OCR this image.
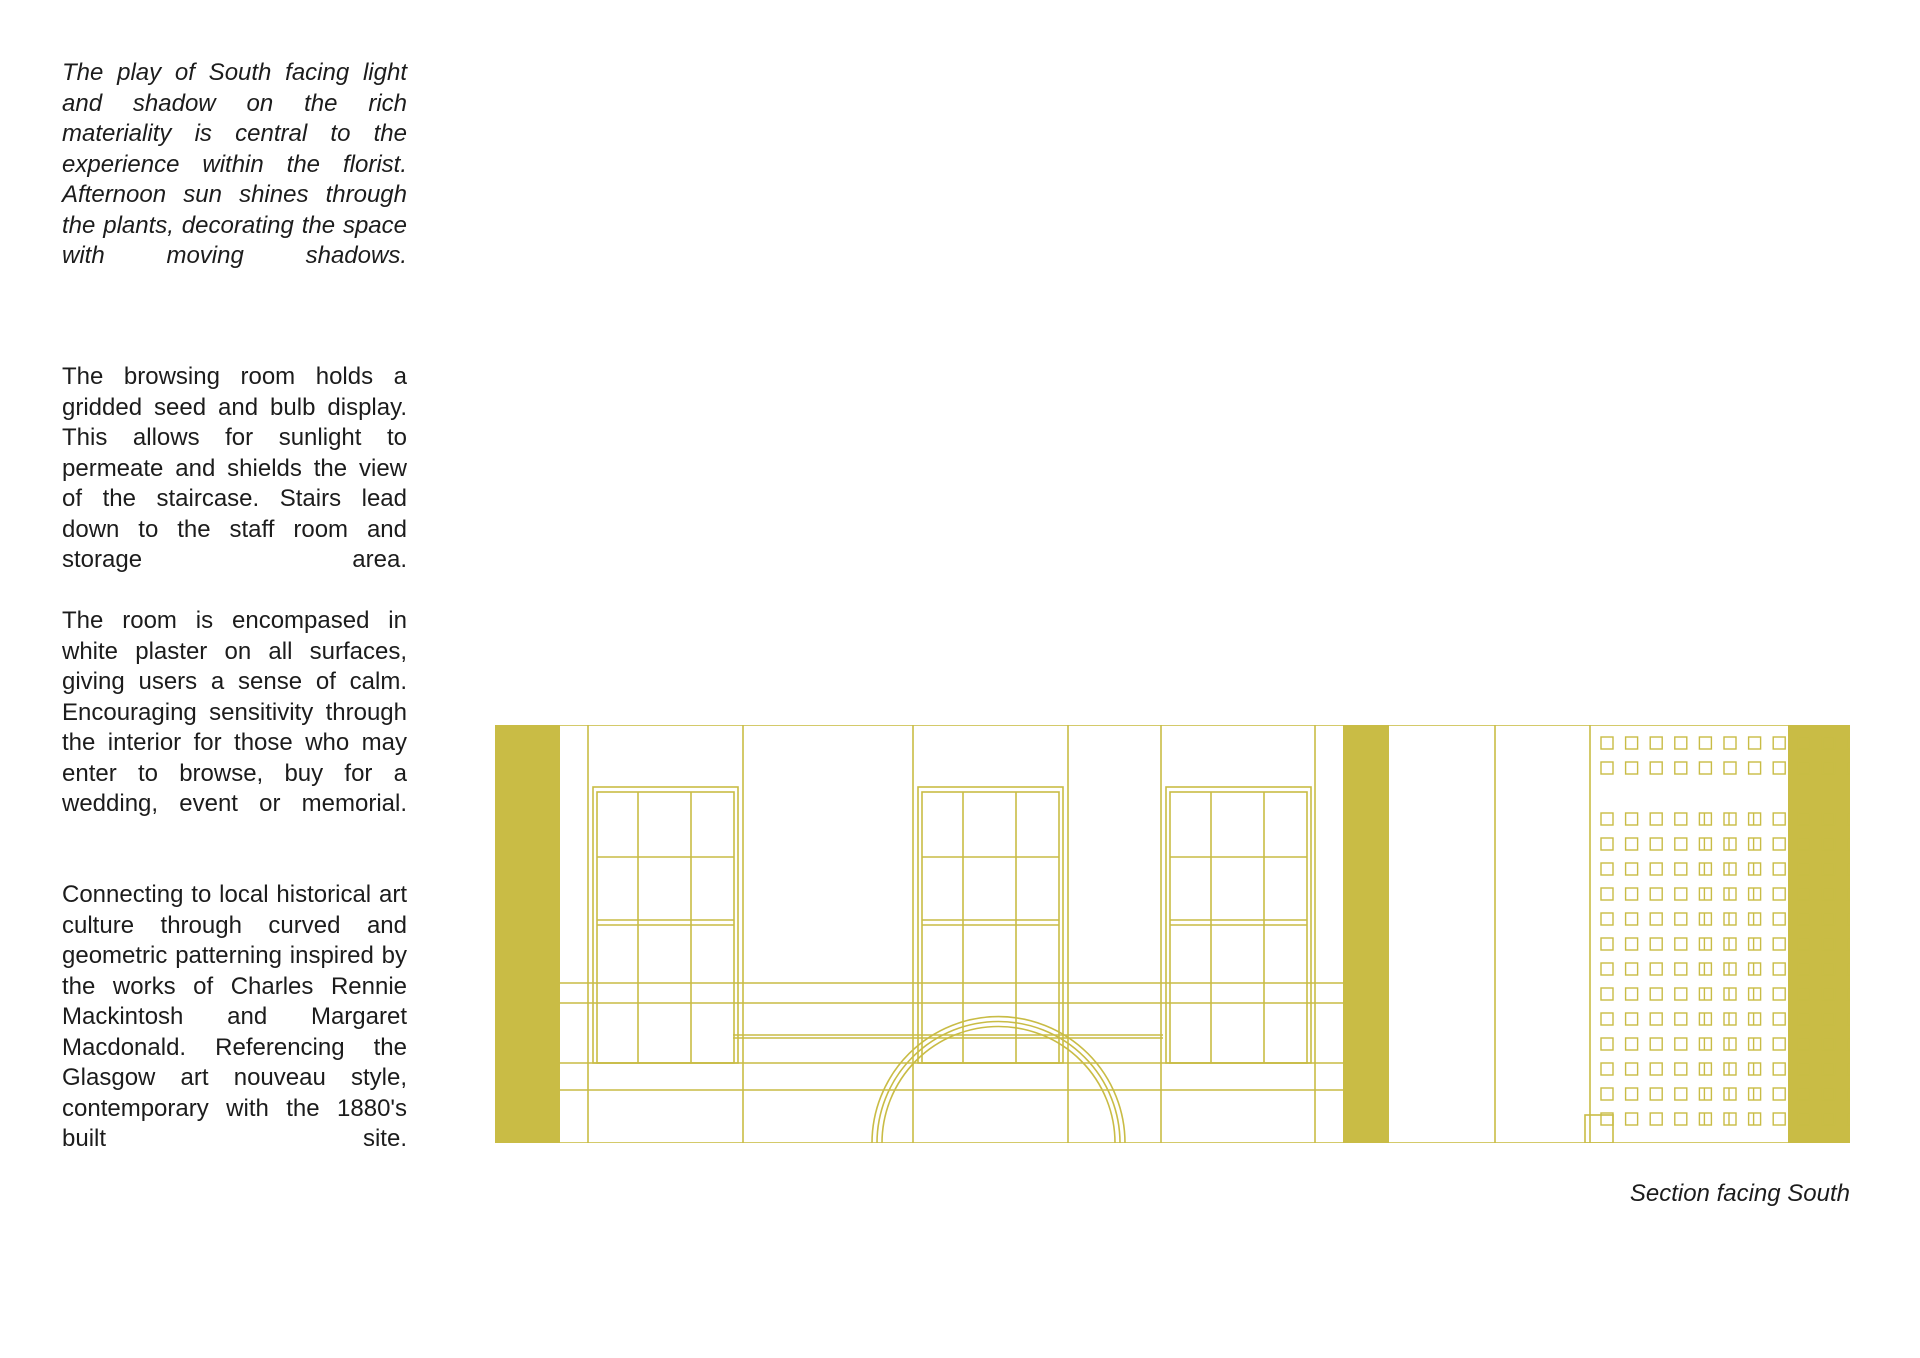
The play of South facing light and shadow on the rich materiality is central to the experience within the florist. Afternoon sun shines through the plants, decorating the space with moving shadows.

The browsing room holds a gridded seed and bulb display. This allows for sunlight to permeate and shields the view of the staircase. Stairs lead down to the staff room and storage area.

The room is encompased in white plaster on all surfaces, giving users a sense of calm. Encouraging sensitivity through the interior for those who may enter to browse, buy for a wedding, event or memorial.

Connecting to local historical art culture through curved and geometric patterning inspired by the works of Charles Rennie Mackintosh and Margaret Macdonald. Referencing the Glasgow art nouveau style, contemporary with the 1880's built site.

Section facing South
